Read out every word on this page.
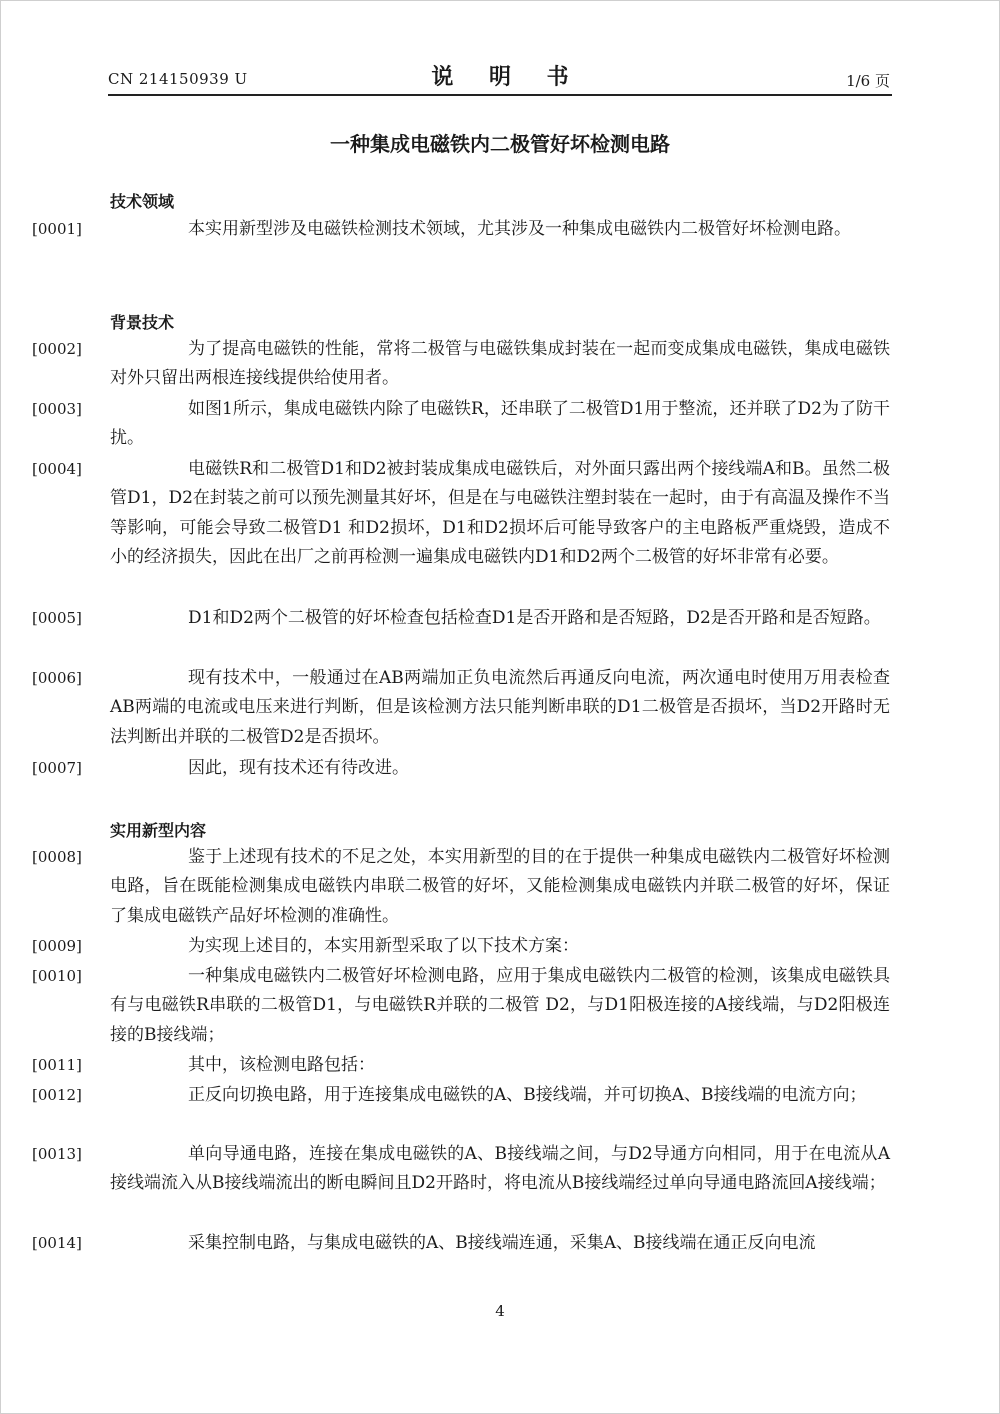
CN 214150939 U	说 明 书	1/6 页
一种集成电磁铁内二极管好坏检测电路
技术领域
[0001]	本实用新型涉及电磁铁检测技术领域，尤其涉及一种集成电磁铁内二极管好坏检测电路。
背景技术
[0002]	为了提高电磁铁的性能，常将二极管与电磁铁集成封装在一起而变成集成电磁铁，集成电磁铁对外只留出两根连接线提供给使用者。
[0003]	如图1所示，集成电磁铁内除了电磁铁R，还串联了二极管D1用于整流，还并联了D2为了防干扰。
[0004]	电磁铁R和二极管D1和D2被封装成集成电磁铁后，对外面只露出两个接线端A和B。虽然二极管D1，D2在封装之前可以预先测量其好坏，但是在与电磁铁注塑封装在一起时，由于有高温及操作不当等影响，可能会导致二极管D1 和D2损坏，D1和D2损坏后可能导致客户的主电路板严重烧毁，造成不小的经济损失，因此在出厂之前再检测一遍集成电磁铁内D1和D2两个二极管的好坏非常有必要。
[0005]	D1和D2两个二极管的好坏检查包括检查D1是否开路和是否短路，D2是否开路和是否短路。
[0006]	现有技术中，一般通过在AB两端加正负电流然后再通反向电流，两次通电时使用万用表检查AB两端的电流或电压来进行判断，但是该检测方法只能判断串联的D1二极管是否损坏，当D2开路时无法判断出并联的二极管D2是否损坏。
[0007]	因此，现有技术还有待改进。
实用新型内容
[0008]	鉴于上述现有技术的不足之处，本实用新型的目的在于提供一种集成电磁铁内二极管好坏检测电路，旨在既能检测集成电磁铁内串联二极管的好坏，又能检测集成电磁铁内并联二极管的好坏，保证了集成电磁铁产品好坏检测的准确性。
[0009]	为实现上述目的，本实用新型采取了以下技术方案：
[0010]	一种集成电磁铁内二极管好坏检测电路，应用于集成电磁铁内二极管的检测，该集成电磁铁具有与电磁铁R串联的二极管D1，与电磁铁R并联的二极管 D2，与D1阳极连接的A接线端，与D2阳极连接的B接线端；
[0011]	其中，该检测电路包括：
[0012]	正反向切换电路，用于连接集成电磁铁的A、B接线端，并可切换A、B接线端的电流方向；
[0013]	单向导通电路，连接在集成电磁铁的A、B接线端之间，与D2导通方向相同，用于在电流从A接线端流入从B接线端流出的断电瞬间且D2开路时，将电流从B接线端经过单向导通电路流回A接线端；
[0014]	采集控制电路，与集成电磁铁的A、B接线端连通，采集A、B接线端在通正反向电流
4
